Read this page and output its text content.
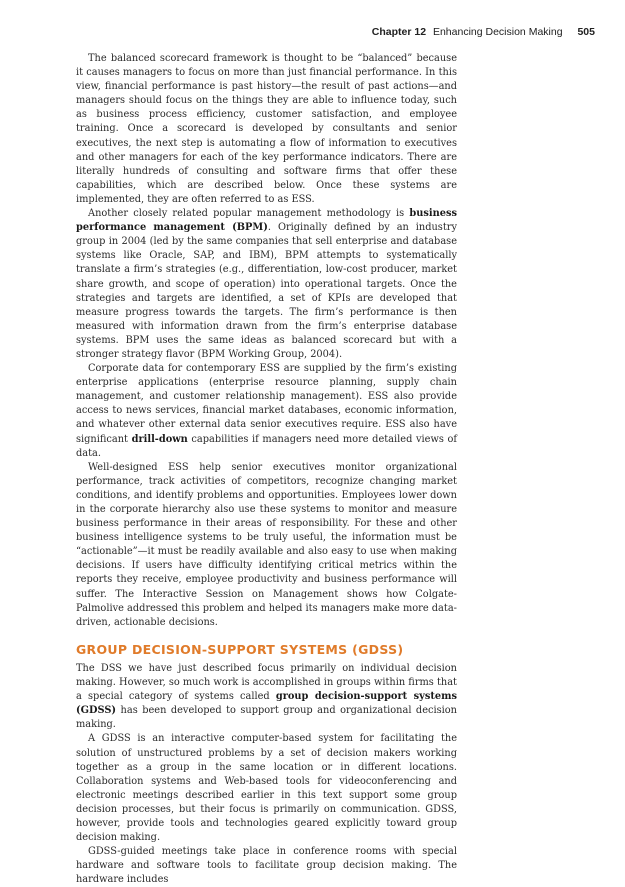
Chapter 12 Enhancing Decision Making 505

The balanced scorecard framework is thought to be “balanced” because it causes managers to focus on more than just financial performance. In this view, financial performance is past history—the result of past actions—and managers should focus on the things they are able to influence today, such as business process efficiency, customer satisfaction, and employee training. Once a scorecard is developed by consultants and senior executives, the next step is automating a flow of information to executives and other managers for each of the key performance indicators. There are literally hundreds of consulting and software firms that offer these capabilities, which are described below. Once these systems are implemented, they are often referred to as ESS.

Another closely related popular management methodology is business performance management (BPM). Originally defined by an industry group in 2004 (led by the same companies that sell enterprise and database systems like Oracle, SAP, and IBM), BPM attempts to systematically translate a firm’s strategies (e.g., differentiation, low-cost producer, market share growth, and scope of operation) into operational targets. Once the strategies and targets are identified, a set of KPIs are developed that measure progress towards the targets. The firm’s performance is then measured with information drawn from the firm’s enterprise database systems. BPM uses the same ideas as balanced scorecard but with a stronger strategy flavor (BPM Working Group, 2004).

Corporate data for contemporary ESS are supplied by the firm’s existing enterprise applications (enterprise resource planning, supply chain management, and customer relationship management). ESS also provide access to news services, financial market databases, economic information, and whatever other external data senior executives require. ESS also have significant drill-down capabilities if managers need more detailed views of data.

Well-designed ESS help senior executives monitor organizational performance, track activities of competitors, recognize changing market conditions, and identify problems and opportunities. Employees lower down in the corporate hierarchy also use these systems to monitor and measure business performance in their areas of responsibility. For these and other business intelligence systems to be truly useful, the information must be “actionable”—it must be readily available and also easy to use when making decisions. If users have difficulty identifying critical metrics within the reports they receive, employee productivity and business performance will suffer. The Interactive Session on Management shows how Colgate-Palmolive addressed this problem and helped its managers make more data-driven, actionable decisions.

GROUP DECISION-SUPPORT SYSTEMS (GDSS)

The DSS we have just described focus primarily on individual decision making. However, so much work is accomplished in groups within firms that a special category of systems called group decision-support systems (GDSS) has been developed to support group and organizational decision making.

A GDSS is an interactive computer-based system for facilitating the solution of unstructured problems by a set of decision makers working together as a group in the same location or in different locations. Collaboration systems and Web-based tools for videoconferencing and electronic meetings described earlier in this text support some group decision processes, but their focus is primarily on communication. GDSS, however, provide tools and technologies geared explicitly toward group decision making.

GDSS-guided meetings take place in conference rooms with special hardware and software tools to facilitate group decision making. The hardware includes
